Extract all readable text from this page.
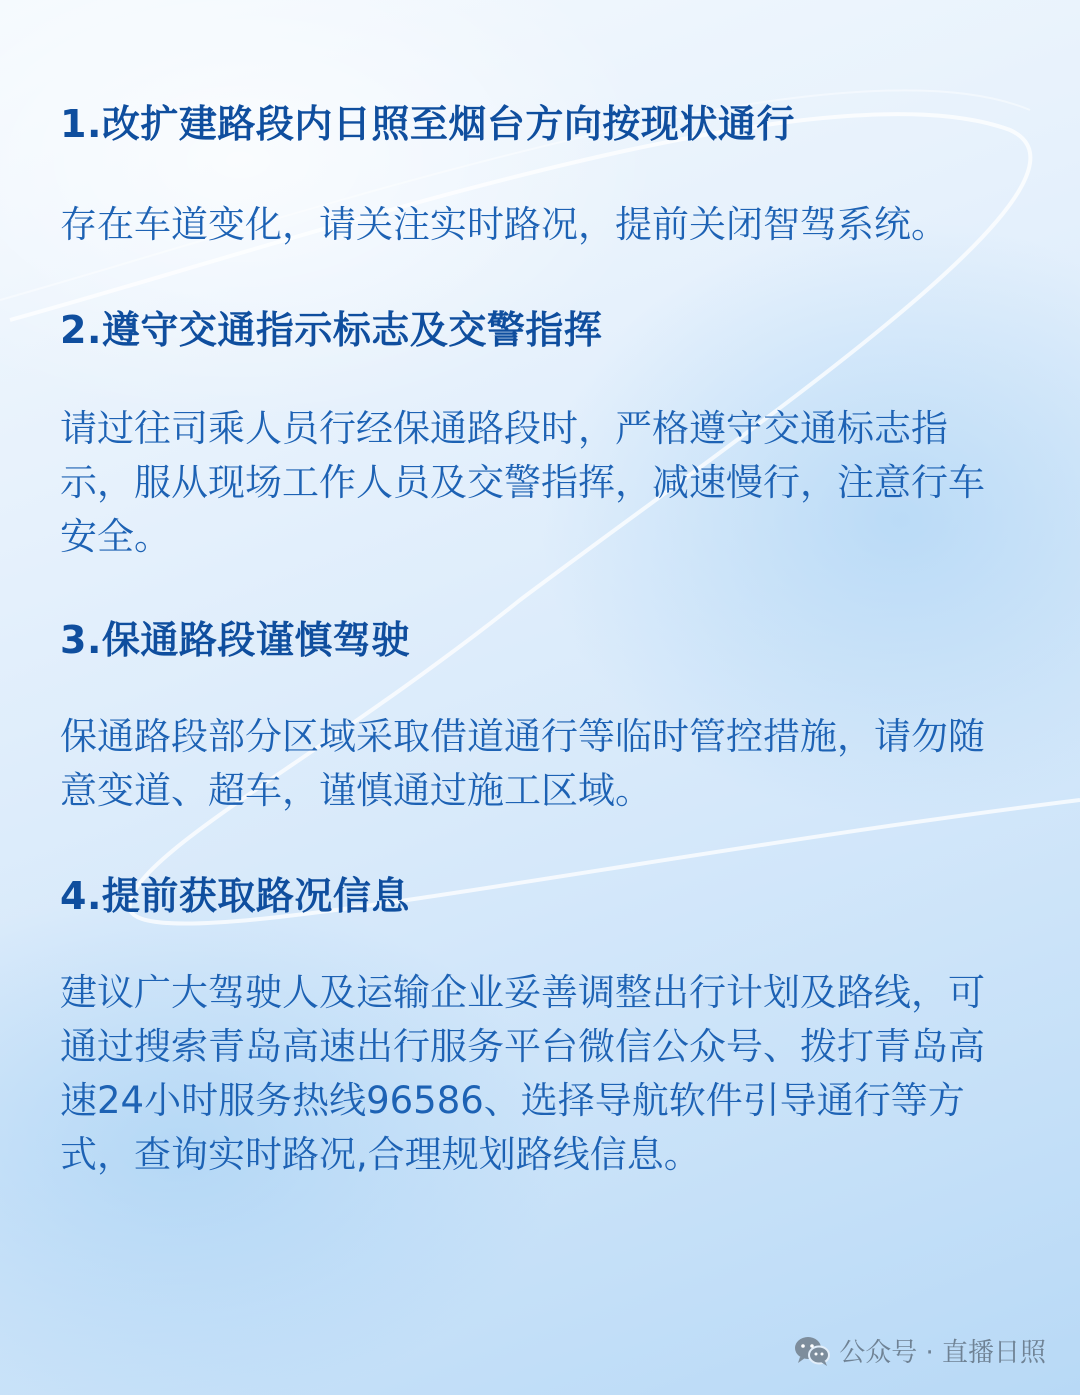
1.改扩建路段内日照至烟台方向按现状通行

存在车道变化，请关注实时路况，提前关闭智驾系统。

2.遵守交通指示标志及交警指挥

请过往司乘人员行经保通路段时，严格遵守交通标志指示，服从现场工作人员及交警指挥，减速慢行，注意行车安全。

3.保通路段谨慎驾驶

保通路段部分区域采取借道通行等临时管控措施，请勿随意变道、超车，谨慎通过施工区域。

4.提前获取路况信息

建议广大驾驶人及运输企业妥善调整出行计划及路线，可通过搜索青岛高速出行服务平台微信公众号、拨打青岛高速24小时服务热线96586、选择导航软件引导通行等方式，查询实时路况,合理规划路线信息。

公众号 · 直播日照
